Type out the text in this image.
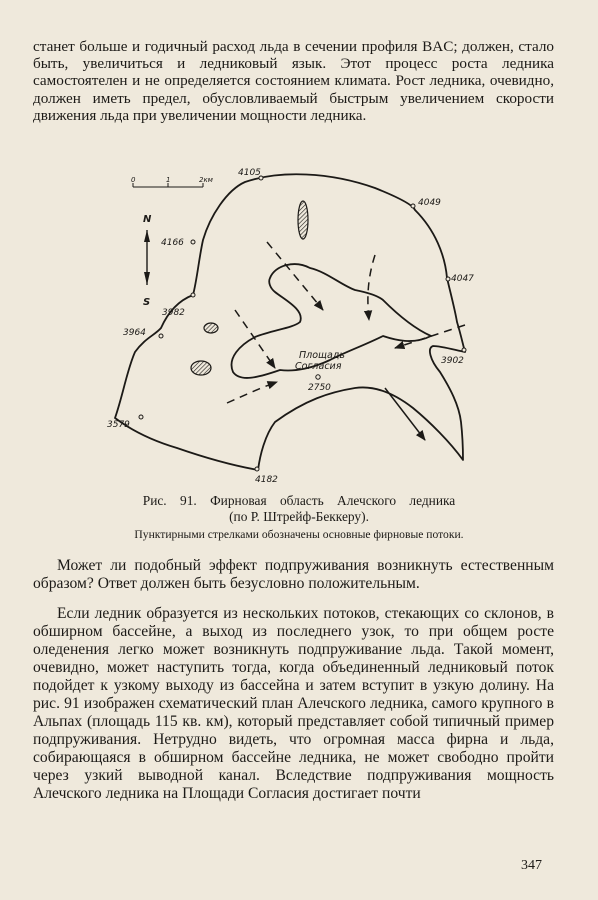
станет больше и годичный расход льда в сечении профиля BAC; должен, стало быть, увеличиться и ледниковый язык. Этот процесс роста ледника самостоятелен и не определяется состоянием климата. Рост ледника, очевидно, должен иметь предел, обусловливаемый быстрым увеличением скорости движения льда при увеличении мощности ледника.

0	1	2км
N
S
4105
4049
4166
4047
3982
3964
3902
3579
4182
Площадь
Согласия
2750
Рис. 91. Фирновая область Алечского ледника
(по Р. Штрейф-Беккеру).
Пунктирными стрелками обозначены основные фирновые потоки.

Может ли подобный эффект подпруживания возникнуть естественным образом? Ответ должен быть безусловно положительным.

Если ледник образуется из нескольких потоков, стекающих со склонов, в обширном бассейне, а выход из последнего узок, то при общем росте оледенения легко может возникнуть подпруживание льда. Такой момент, очевидно, может наступить тогда, когда объединенный ледниковый поток подойдет к узкому выходу из бассейна и затем вступит в узкую долину. На рис. 91 изображен схематический план Алечского ледника, самого крупного в Альпах (площадь 115 кв. км), который представляет собой типичный пример подпруживания. Нетрудно видеть, что огромная масса фирна и льда, собирающаяся в обширном бассейне ледника, не может свободно пройти через узкий выводной канал. Вследствие подпруживания мощность Алечского ледника на Площади Согласия достигает почти

347
